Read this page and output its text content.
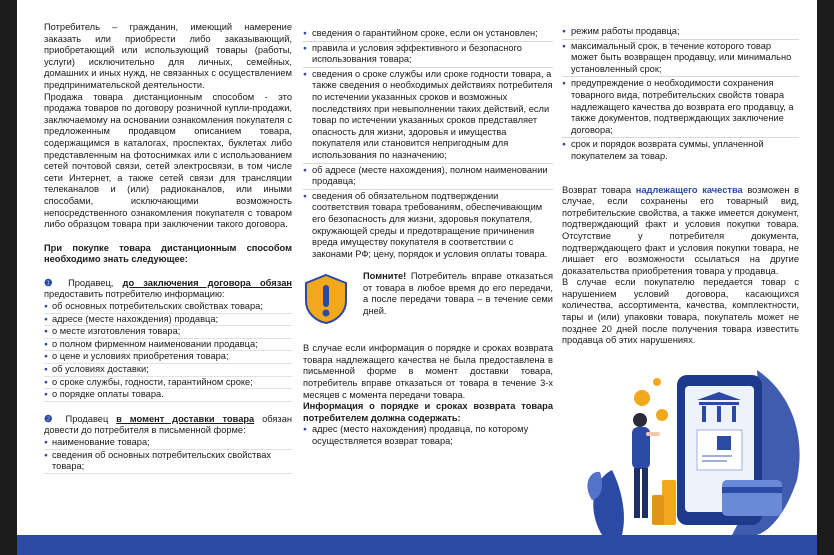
Потребитель – гражданин, имеющий намерение заказать или приобрести либо заказывающий, приобретающий или использующий товары (работы, услуги) исключительно для личных, семейных, домашних и иных нужд, не связанных с осуществлением предпринимательской деятельности.

Продажа товара дистанционным способом - это продажа товаров по договору розничной купли-продажи, заключаемому на основании ознакомления покупателя с предложенным продавцом описанием товара, содержащимся в каталогах, проспектах, буклетах либо представленным на фотоснимках или с использованием сетей почтовой связи, сетей электросвязи, в том числе сети Интернет, а также сетей связи для трансляции телеканалов и (или) радиоканалов, или иными способами, исключающими возможность непосредственного ознакомления покупателя с товаром либо образцом товара при заключении такого договора.

При покупке товара дистанционным способом необходимо знать следующее:

❶ Продавец, до заключения договора обязан предоставить потребителю информацию:

● об основных потребительских свойствах товара;
● адресе (месте нахождения) продавца;
● о месте изготовления товара;
● о полном фирменном наименовании продавца;
● о цене и условиях приобретения товара;
● об условиях доставки;
● о сроке службы, годности, гарантийном сроке;
● о порядке оплаты товара.

❷ Продавец в момент доставки товара обязан довести до потребителя в письменной форме:

● наименование товара;
● сведения об основных потребительских свойствах товара;
● сведения о гарантийном сроке, если он установлен;
● правила и условия эффективного и безопасного использования товара;
● сведения о сроке службы или сроке годности товара, а также сведения о необходимых действиях потребителя по истечении указанных сроков и возможных последствиях при невыполнении таких действий, если товар по истечении указанных сроков представляет опасность для жизни, здоровья и имущества покупателя или становится непригодным для использования по назначению;
● об адресе (месте нахождения), полном наименовании продавца;
● сведения об обязательном подтверждении соответствия товара требованиям, обеспечивающим его безопасность для жизни, здоровья покупателя, окружающей среды и предотвращение причинения вреда имуществу покупателя в соответствии с законами РФ; цену, порядок и условия оплаты товара.

Помните! Потребитель вправе отказаться от товара в любое время до его передачи, а после передачи товара – в течение семи дней.

В случае если информация о порядке и сроках возврата товара надлежащего качества не была предоставлена в письменной форме в момент доставки товара, потребитель вправе отказаться от товара в течение 3-х месяцев с момента передачи товара.

Информация о порядке и сроках возврата товара потребителем должна содержать:

● адрес (место нахождения) продавца, по которому осуществляется возврат товара;
● режим работы продавца;
● максимальный срок, в течение которого товар может быть возвращен продавцу, или минимально установленный срок;
● предупреждение о необходимости сохранения товарного вида, потребительских свойств товара надлежащего качества до возврата его продавцу, а также документов, подтверждающих заключение договора;
● срок и порядок возврата суммы, уплаченной покупателем за товар.

Возврат товара надлежащего качества возможен в случае, если сохранены его товарный вид, потребительские свойства, а также имеется документ, подтверждающий факт и условия покупки товара. Отсутствие у потребителя документа, подтверждающего факт и условия покупки товара, не лишает его возможности ссылаться на другие доказательства приобретения товара у продавца.

В случае если покупателю передается товар с нарушением условий договора, касающихся количества, ассортимента, качества, комплектности, тары и (или) упаковки товара, покупатель может не позднее 20 дней после получения товара известить продавца об этих нарушениях.
